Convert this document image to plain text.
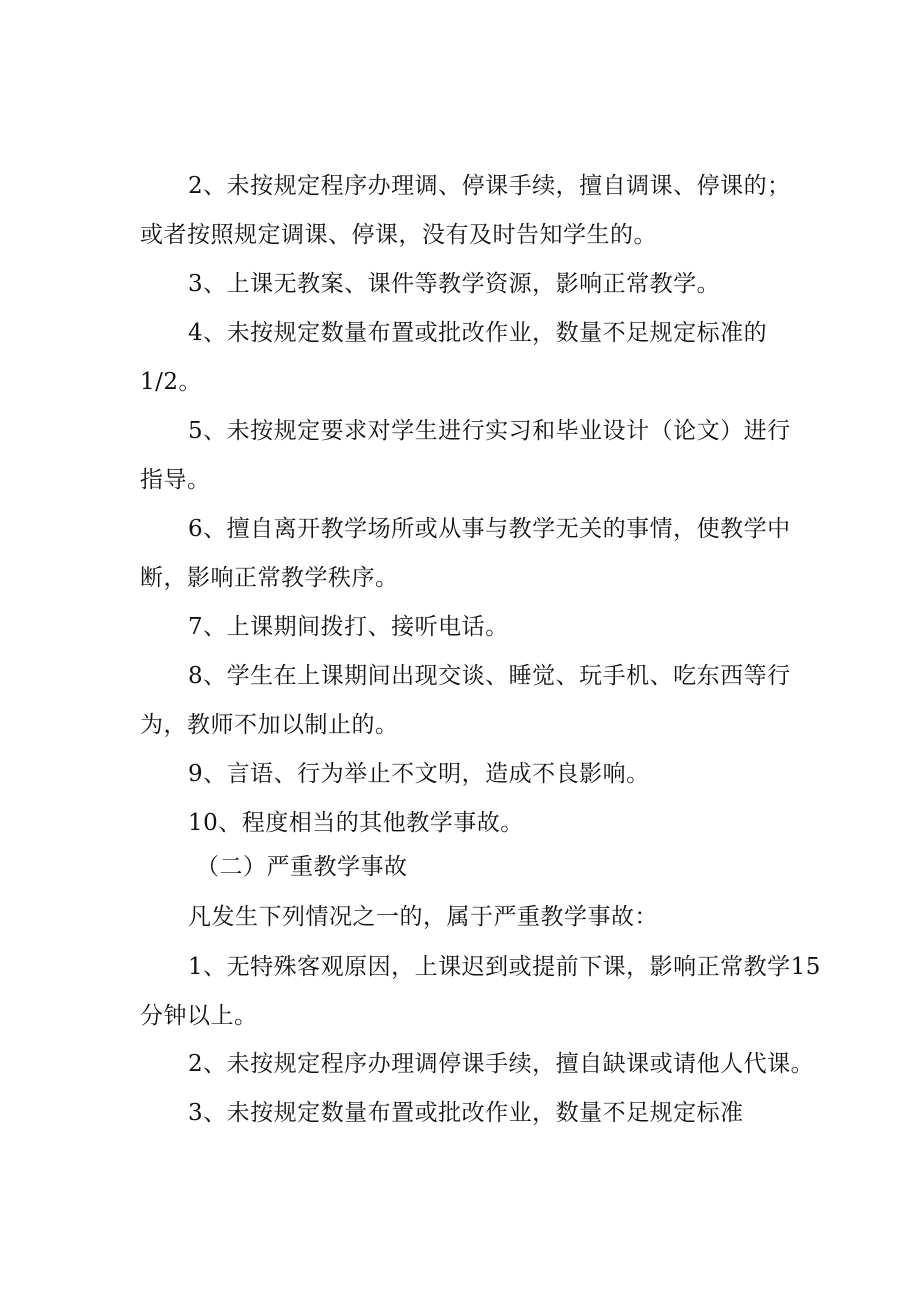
2、未按规定程序办理调、停课手续，擅自调课、停课的；
或者按照规定调课、停课，没有及时告知学生的。
3、上课无教案、课件等教学资源，影响正常教学。
4、未按规定数量布置或批改作业，数量不足规定标准的
1/2。
5、未按规定要求对学生进行实习和毕业设计（论文）进行
指导。
6、擅自离开教学场所或从事与教学无关的事情，使教学中
断，影响正常教学秩序。
7、上课期间拨打、接听电话。
8、学生在上课期间出现交谈、睡觉、玩手机、吃东西等行
为，教师不加以制止的。
9、言语、行为举止不文明，造成不良影响。
10、程度相当的其他教学事故。
（二）严重教学事故
凡发生下列情况之一的，属于严重教学事故：
1、无特殊客观原因，上课迟到或提前下课，影响正常教学15
分钟以上。
2、未按规定程序办理调停课手续，擅自缺课或请他人代课。
3、未按规定数量布置或批改作业，数量不足规定标准
